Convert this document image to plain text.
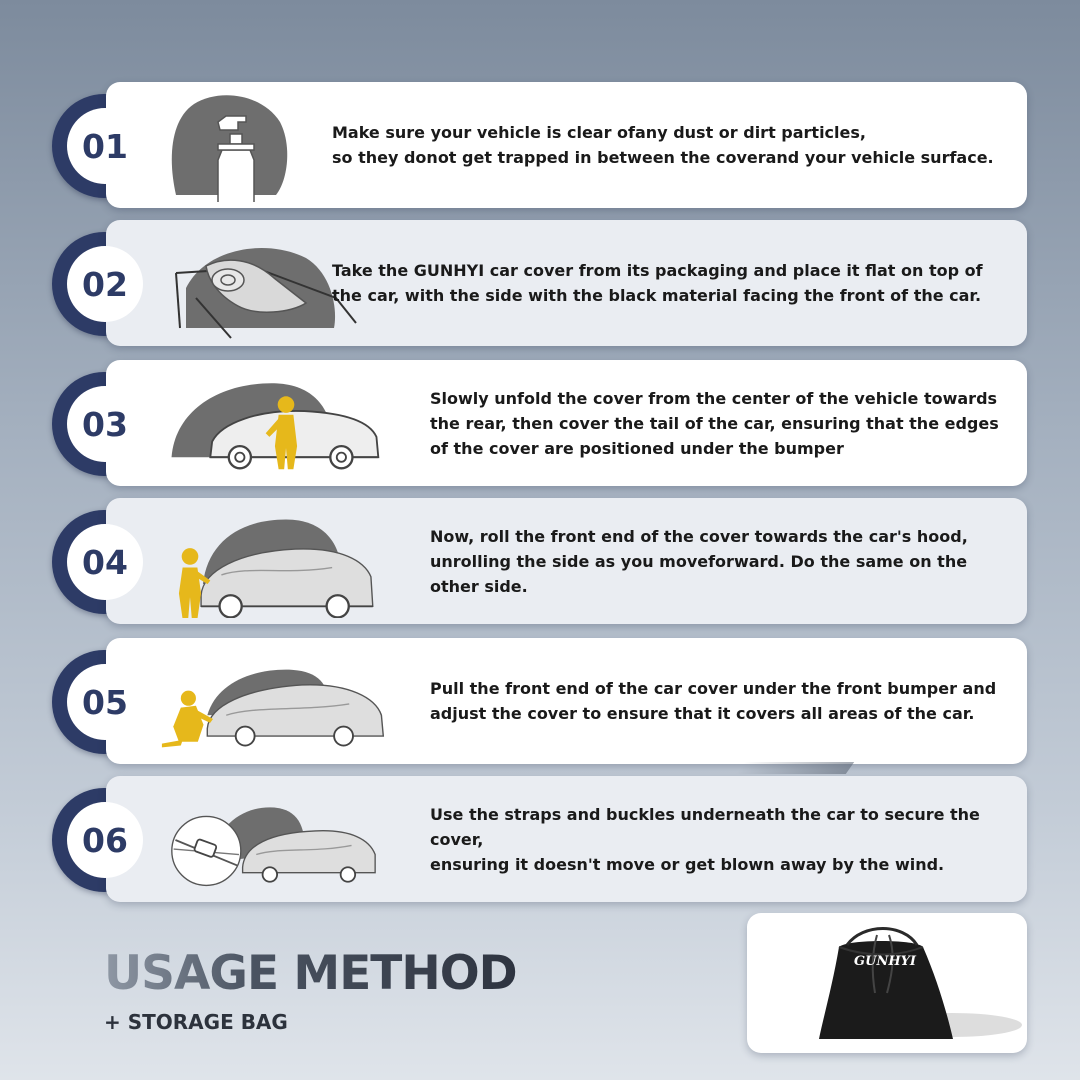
Make sure your vehicle is clear ofany dust or dirt particles,
so they donot get trapped in between the coverand your vehicle surface.
01
Take the GUNHYI car cover from its packaging and place it flat on top of
the car, with the side with the black material facing the front of the car.
02
Slowly unfold the cover from the center of the vehicle towards
the rear, then cover the tail of the car, ensuring that the edges
of the cover are positioned under the bumper
03
Now, roll the front end of the cover towards the car's hood,
unrolling the side as you moveforward. Do the same on the
other side.
04
Pull the front end of the car cover under the front bumper and
adjust the cover to ensure that it covers all areas of the car.
05
Use the straps and buckles underneath the car to secure the cover,
ensuring it doesn't move or get blown away by the wind.
06
USAGE METHOD
+ STORAGE BAG
GUNHYI
